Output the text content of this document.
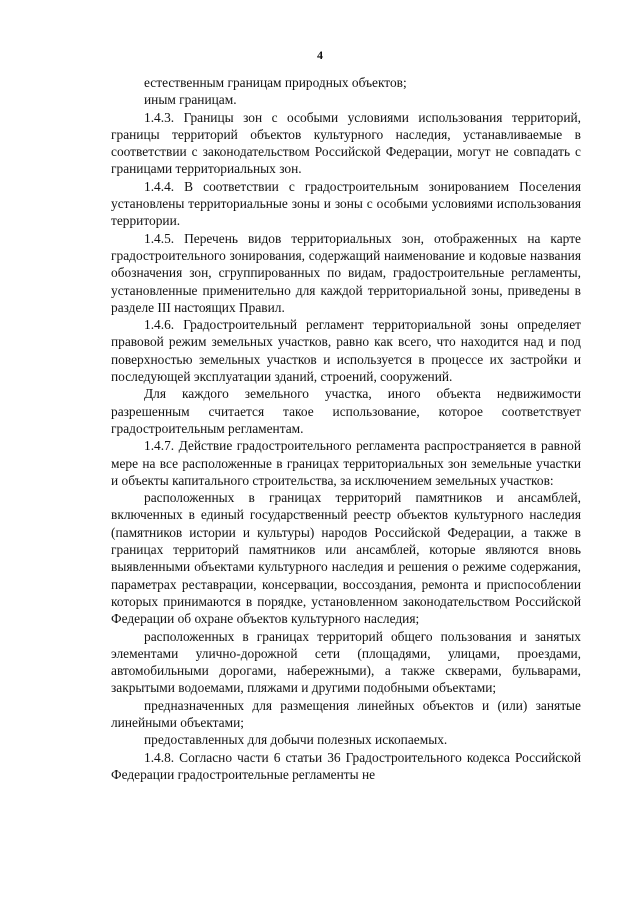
4

естественным границам природных объектов;

иным границам.

1.4.3. Границы зон с особыми условиями использования территорий, границы территорий объектов культурного наследия, устанавливаемые в соответствии с законодательством Российской Федерации, могут не совпадать с границами территориальных зон.

1.4.4. В соответствии с градостроительным зонированием Поселения установлены территориальные зоны и зоны с особыми условиями использования территории.

1.4.5. Перечень видов территориальных зон, отображенных на карте градостроительного зонирования, содержащий наименование и кодовые названия обозначения зон, сгруппированных по видам, градостроительные регламенты, установленные применительно для каждой территориальной зоны, приведены в разделе III настоящих Правил.

1.4.6. Градостроительный регламент территориальной зоны определяет правовой режим земельных участков, равно как всего, что находится над и под поверхностью земельных участков и используется в процессе их застройки и последующей эксплуатации зданий, строений, сооружений.

Для каждого земельного участка, иного объекта недвижимости разрешенным считается такое использование, которое соответствует градостроительным регламентам.

1.4.7. Действие градостроительного регламента распространяется в равной мере на все расположенные в границах территориальных зон земельные участки и объекты капитального строительства, за исключением земельных участков:

расположенных в границах территорий памятников и ансамблей, включенных в единый государственный реестр объектов культурного наследия (памятников истории и культуры) народов Российской Федерации, а также в границах территорий памятников или ансамблей, которые являются вновь выявленными объектами культурного наследия и решения о режиме содержания, параметрах реставрации, консервации, воссоздания, ремонта и приспособлении которых принимаются в порядке, установленном законодательством Российской Федерации об охране объектов культурного наследия;

расположенных в границах территорий общего пользования и занятых элементами улично-дорожной сети (площадями, улицами, проездами, автомобильными дорогами, набережными), а также скверами, бульварами, закрытыми водоемами, пляжами и другими подобными объектами;

предназначенных для размещения линейных объектов и (или) занятые линейными объектами;

предоставленных для добычи полезных ископаемых.

1.4.8. Согласно части 6 статьи 36 Градостроительного кодекса Российской Федерации градостроительные регламенты не
